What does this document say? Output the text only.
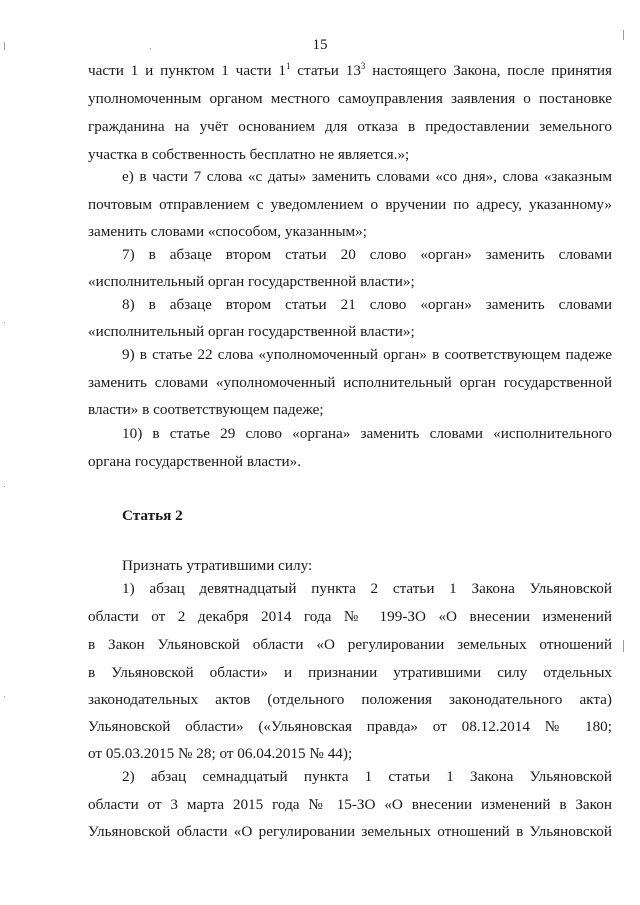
15
части 1 и пунктом 1 части $1^1$ статьи $13^3$ настоящего Закона, после принятия
уполномоченным органом местного самоуправления заявления о постановке
гражданина на учёт основанием для отказа в предоставлении земельного
участка в собственность бесплатно не является.»;
е) в части 7 слова «с даты» заменить словами «со дня», слова «заказным
почтовым отправлением с уведомлением о вручении по адресу, указанному»
заменить словами «способом, указанным»;
7) в абзаце втором статьи 20 слово «орган» заменить словами
«исполнительный орган государственной власти»;
8) в абзаце втором статьи 21 слово «орган» заменить словами
«исполнительный орган государственной власти»;
9) в статье 22 слова «уполномоченный орган» в соответствующем падеже
заменить словами «уполномоченный исполнительный орган государственной
власти» в соответствующем падеже;
10) в статье 29 слово «органа» заменить словами «исполнительного
органа государственной власти».
Статья 2
Признать утратившими силу:
1) абзац девятнадцатый пункта 2 статьи 1 Закона Ульяновской
области от 2 декабря 2014 года № 199-ЗО «О внесении изменений
в Закон Ульяновской области «О регулировании земельных отношений
в Ульяновской области» и признании утратившими силу отдельных
законодательных актов (отдельного положения законодательного акта)
Ульяновской области» («Ульяновская правда» от 08.12.2014 № 180;
от 05.03.2015 № 28; от 06.04.2015 № 44);
2) абзац семнадцатый пункта 1 статьи 1 Закона Ульяновской
области от 3 марта 2015 года № 15-ЗО «О внесении изменений в Закон
Ульяновской области «О регулировании земельных отношений в Ульяновской
